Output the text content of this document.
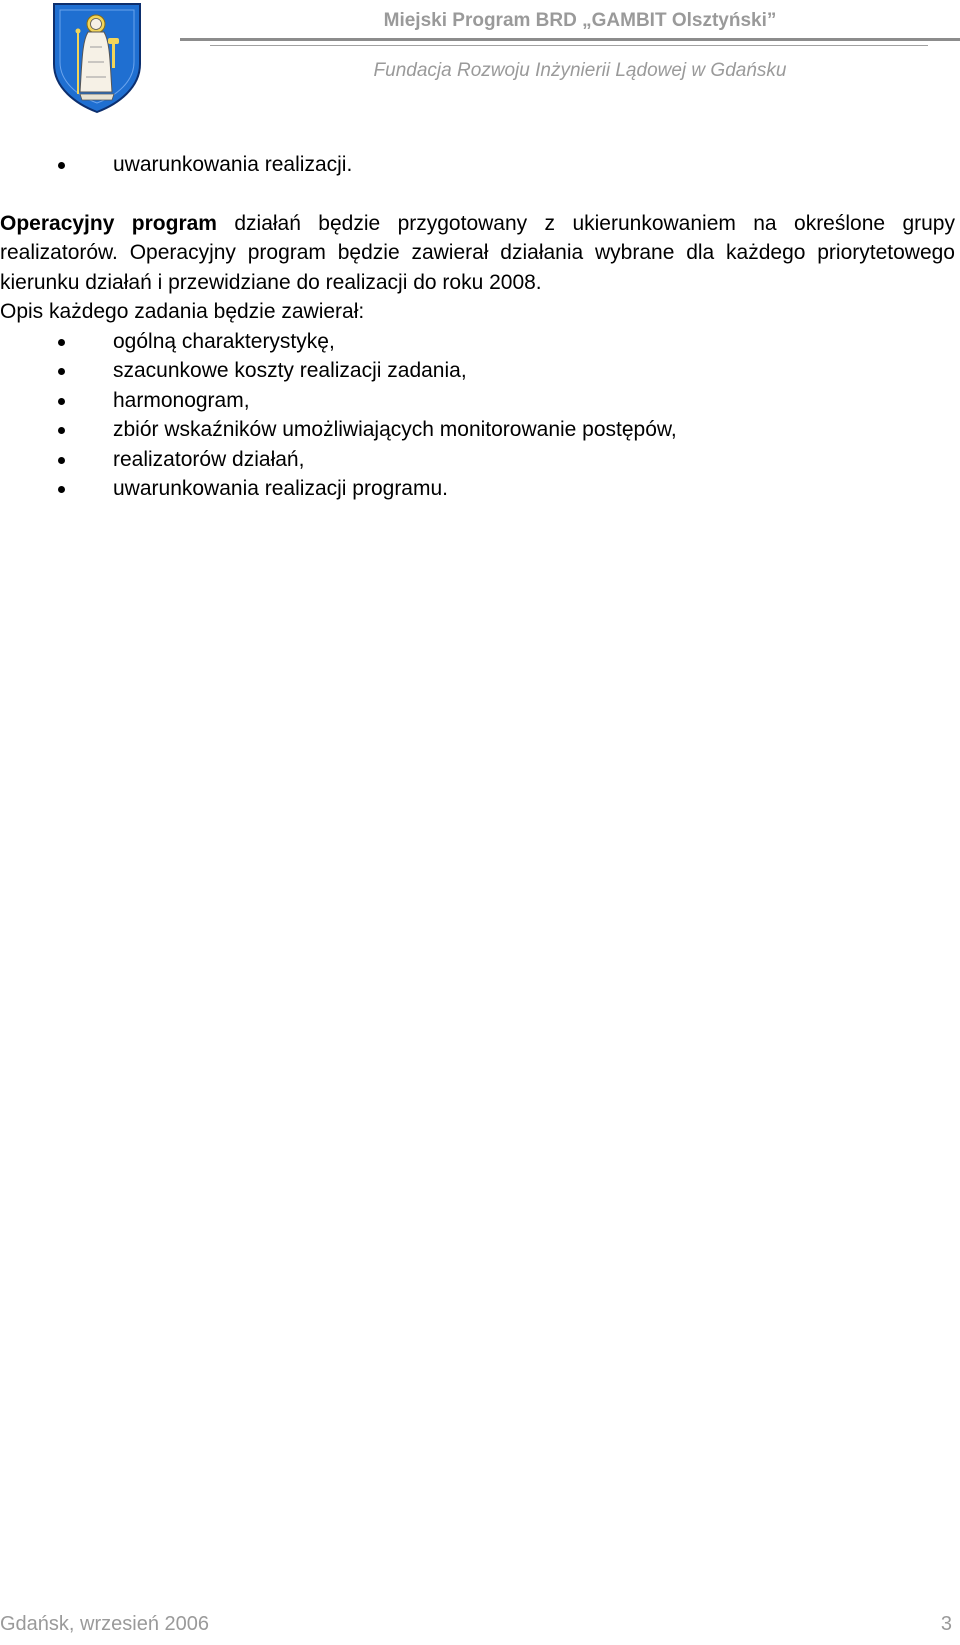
Miejski Program BRD „GAMBIT Olsztyński”
Fundacja Rozwoju Inżynierii Lądowej w Gdańsku
uwarunkowania realizacji.

Operacyjny program działań będzie przygotowany z ukierunkowaniem na określone grupy realizatorów. Operacyjny program będzie zawierał działania wybrane dla każdego priorytetowego kierunku działań i przewidziane do realizacji do roku 2008.

Opis każdego zadania będzie zawierał:

ogólną charakterystykę,
szacunkowe koszty realizacji zadania,
harmonogram,
zbiór wskaźników umożliwiających monitorowanie postępów,
realizatorów działań,
uwarunkowania realizacji programu.
Gdańsk, wrzesień 2006	3
